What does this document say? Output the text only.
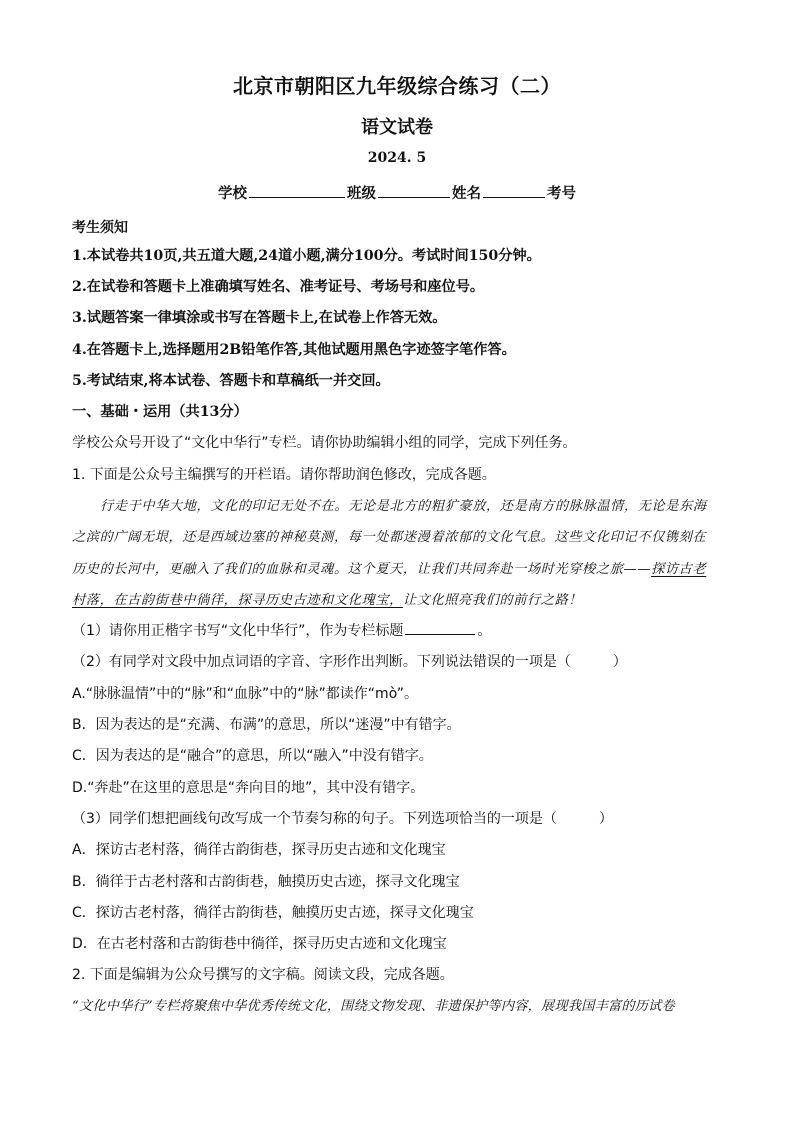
北京市朝阳区九年级综合练习（二）
语文试卷
2024. 5
学校	班级	姓名	考号
考生须知
1.本试卷共10页,共五道大题,24道小题,满分100分。考试时间150分钟。
2.在试卷和答题卡上准确填写姓名、准考证号、考场号和座位号。
3.试题答案一律填涂或书写在答题卡上,在试卷上作答无效。
4.在答题卡上,选择题用2B铅笔作答,其他试题用黑色字迹签字笔作答。
5.考试结束,将本试卷、答题卡和草稿纸一并交回。
一、基础・运用（共13分）
学校公众号开设了“文化中华行”专栏。请你协助编辑小组的同学，完成下列任务。
1. 下面是公众号主编撰写的开栏语。请你帮助润色修改，完成各题。
行走于中华大地，文化的印记无处不在。无论是北方的粗犷豪放，还是南方的脉脉温情，无论是东海
之滨的广阔无垠，还是西域边塞的神秘莫测，每一处都迷漫着浓郁的文化气息。这些文化印记不仅镌刻在
历史的长河中，更融入了我们的血脉和灵魂。这个夏天，让我们共同奔赴一场时光穿梭之旅——探访古老
村落，在古韵街巷中徜徉，探寻历史古迹和文化瑰宝，让文化照亮我们的前行之路！
（1）请你用正楷字书写“文化中华行”，作为专栏标题	。
（2）有同学对文段中加点词语的字音、字形作出判断。下列说法错误的一项是（　　　）
A.“脉脉温情”中的“脉”和“血脉”中的“脉”都读作“mò”。
B．因为表达的是“充满、布满”的意思，所以“迷漫”中有错字。
C．因为表达的是“融合”的意思，所以“融入”中没有错字。
D.“奔赴”在这里的意思是“奔向目的地”，其中没有错字。
（3）同学们想把画线句改写成一个节奏匀称的句子。下列选项恰当的一项是（　　　）
A．探访古老村落，徜徉古韵街巷，探寻历史古迹和文化瑰宝
B．徜徉于古老村落和古韵街巷，触摸历史古迹，探寻文化瑰宝
C．探访古老村落，徜徉古韵街巷，触摸历史古迹，探寻文化瑰宝
D．在古老村落和古韵街巷中徜徉，探寻历史古迹和文化瑰宝
2. 下面是编辑为公众号撰写的文字稿。阅读文段，完成各题。
“文化中华行”专栏将聚焦中华优秀传统文化，围绕文物发现、非遗保护等内容，展现我国丰富的历试卷
